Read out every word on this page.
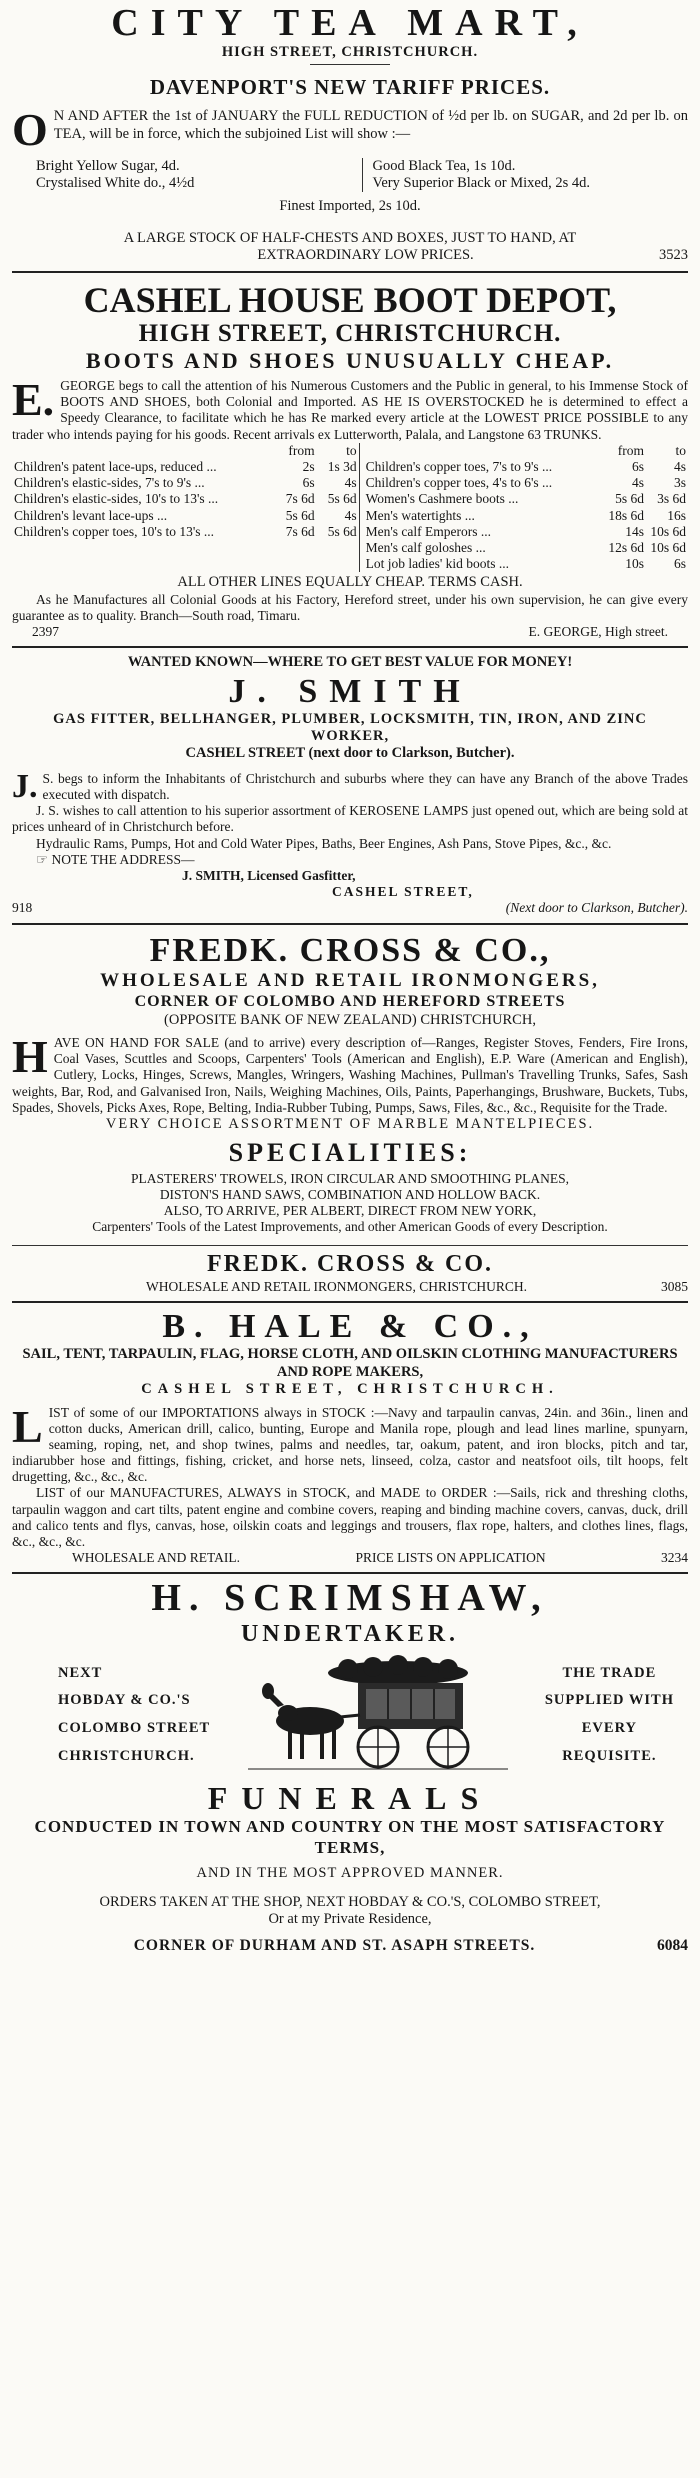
CITY TEA MART,
HIGH STREET, CHRISTCHURCH.
DAVENPORT'S NEW TARIFF PRICES.
O N AND AFTER the 1st of JANUARY the FULL REDUCTION of ½d per lb. on SUGAR, and 2d per lb. on TEA, will be in force, which the subjoined List will show :—
Bright Yellow Sugar, 4d.
Crystalised White do., 4½d
Good Black Tea, 1s 10d.
Very Superior Black or Mixed, 2s 4d.
Finest Imported, 2s 10d.
A LARGE STOCK OF HALF-CHESTS AND BOXES, JUST TO HAND, AT
EXTRAORDINARY LOW PRICES.	3523
CASHEL HOUSE BOOT DEPOT,
HIGH STREET, CHRISTCHURCH.
BOOTS AND SHOES UNUSUALLY CHEAP.
E. GEORGE begs to call the attention of his Numerous Customers and the Public in general, to his Immense Stock of BOOTS AND SHOES, both Colonial and Imported. AS HE IS OVERSTOCKED he is determined to effect a Speedy Clearance, to facilitate which he has Re marked every article at the LOWEST PRICE POSSIBLE to any trader who intends paying for his goods. Recent arrivals ex Lutterworth, Palala, and Langstone 63 TRUNKS.
	from	to			from	to
Children's patent lace-ups, reduced ...	2s	1s 3d		Children's copper toes, 7's to 9's ...	6s	4s
Children's elastic-sides, 7's to 9's ...	6s	4s		Children's copper toes, 4's to 6's ...	4s	3s
Children's elastic-sides, 10's to 13's ...	7s 6d	5s 6d		Women's Cashmere boots ...	5s 6d	3s 6d
Children's levant lace-ups ...	5s 6d	4s		Men's watertights ...	18s 6d	16s
Children's copper toes, 10's to 13's ...	7s 6d	5s 6d		Men's calf Emperors ...	14s	10s 6d
				Men's calf goloshes ...	12s 6d	10s 6d
				Lot job ladies' kid boots ...	10s	6s
ALL OTHER LINES EQUALLY CHEAP. TERMS CASH.
As he Manufactures all Colonial Goods at his Factory, Hereford street, under his own supervision, he can give every guarantee as to quality. Branch—South road, Timaru.
2397	E. GEORGE, High street.
WANTED KNOWN—WHERE TO GET BEST VALUE FOR MONEY!
J. SMITH
GAS FITTER, BELLHANGER, PLUMBER, LOCKSMITH, TIN, IRON, AND ZINC WORKER,
CASHEL STREET (next door to Clarkson, Butcher).
J. S. begs to inform the Inhabitants of Christchurch and suburbs where they can have any Branch of the above Trades executed with dispatch.
J. S. wishes to call attention to his superior assortment of KEROSENE LAMPS just opened out, which are being sold at prices unheard of in Christchurch before.
Hydraulic Rams, Pumps, Hot and Cold Water Pipes, Baths, Beer Engines, Ash Pans, Stove Pipes, &c., &c.
☞ NOTE THE ADDRESS—
J. SMITH, Licensed Gasfitter,
CASHEL STREET,
918	(Next door to Clarkson, Butcher).
FREDK. CROSS & CO.,
WHOLESALE AND RETAIL IRONMONGERS,
CORNER OF COLOMBO AND HEREFORD STREETS
(OPPOSITE BANK OF NEW ZEALAND) CHRISTCHURCH,
HAVE ON HAND FOR SALE (and to arrive) every description of—Ranges, Register Stoves, Fenders, Fire Irons, Coal Vases, Scuttles and Scoops, Carpenters' Tools (American and English), E.P. Ware (American and English), Cutlery, Locks, Hinges, Screws, Mangles, Wringers, Washing Machines, Pullman's Travelling Trunks, Safes, Sash weights, Bar, Rod, and Galvanised Iron, Nails, Weighing Machines, Oils, Paints, Paperhangings, Brushware, Buckets, Tubs, Spades, Shovels, Picks Axes, Rope, Belting, India-Rubber Tubing, Pumps, Saws, Files, &c., &c., Requisite for the Trade.
VERY CHOICE ASSORTMENT OF MARBLE MANTELPIECES.
SPECIALITIES:
PLASTERERS' TROWELS, IRON CIRCULAR AND SMOOTHING PLANES,
DISTON'S HAND SAWS, COMBINATION AND HOLLOW BACK.
ALSO, TO ARRIVE, PER ALBERT, DIRECT FROM NEW YORK,
Carpenters' Tools of the Latest Improvements, and other American Goods of every Description.
FREDK. CROSS & CO.
WHOLESALE AND RETAIL IRONMONGERS, CHRISTCHURCH.	3085
B. HALE & CO.,
SAIL, TENT, TARPAULIN, FLAG, HORSE CLOTH, AND OILSKIN CLOTHING MANUFACTURERS AND ROPE MAKERS,
CASHEL STREET, CHRISTCHURCH.
LIST of some of our IMPORTATIONS always in STOCK :—Navy and tarpaulin canvas, 24in. and 36in., linen and cotton ducks, American drill, calico, bunting, Europe and Manila rope, plough and lead lines marline, spunyarn, seaming, roping, net, and shop twines, palms and needles, tar, oakum, patent, and iron blocks, pitch and tar, indiarubber hose and fittings, fishing, cricket, and horse nets, linseed, colza, castor and neatsfoot oils, tilt hoops, felt drugetting, &c., &c., &c.
LIST of our MANUFACTURES, ALWAYS in STOCK, and MADE to ORDER :—Sails, rick and threshing cloths, tarpaulin waggon and cart tilts, patent engine and combine covers, reaping and binding machine covers, canvas, duck, drill and calico tents and flys, canvas, hose, oilskin coats and leggings and trousers, flax rope, halters, and clothes lines, flags, &c., &c., &c.
WHOLESALE AND RETAIL.	PRICE LISTS ON APPLICATION	3234
H. SCRIMSHAW,
UNDERTAKER.
NEXT
HOBDAY & CO.'S
COLOMBO STREET
CHRISTCHURCH.
THE TRADE
SUPPLIED WITH
EVERY
REQUISITE.
FUNERALS
CONDUCTED IN TOWN AND COUNTRY ON THE MOST SATISFACTORY TERMS,
AND IN THE MOST APPROVED MANNER.
ORDERS TAKEN AT THE SHOP, NEXT HOBDAY & CO.'S, COLOMBO STREET,
Or at my Private Residence,
CORNER OF DURHAM AND ST. ASAPH STREETS.	6084
